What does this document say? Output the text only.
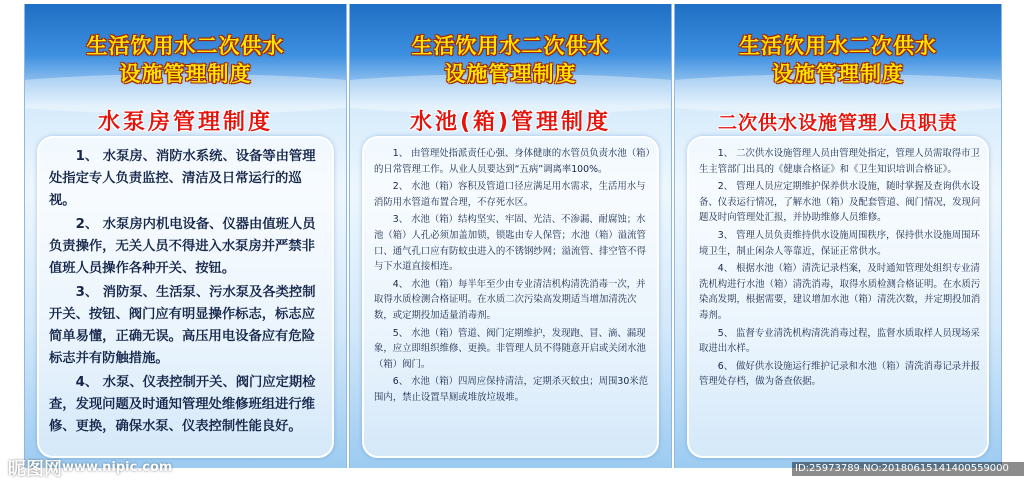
生活饮用水二次供水
设施管理制度
水泵房管理制度

1、 水泵房、消防水系统、设备等由管理处指定专人负责监控、清洁及日常运行的巡视。

2、 水泵房内机电设备、仪器由值班人员负责操作，无关人员不得进入水泵房并严禁非值班人员操作各种开关、按钮。

3、 消防泵、生活泵、污水泵及各类控制开关、按钮、阀门应有明显操作标志，标志应简单易懂，正确无误。高压用电设备应有危险标志并有防触措施。

4、 水泵、仪表控制开关、阀门应定期检查，发现问题及时通知管理处维修班组进行维修、更换，确保水泵、仪表控制性能良好。

生活饮用水二次供水
设施管理制度
水池(箱)管理制度

1、 由管理处指派责任心强、身体健康的水管员负责水池（箱）的日常管理工作。从业人员要达到“五病”调离率100%。

2、 水池（箱）容积及管道口径应满足用水需求，生活用水与消防用水管道布置合理，不存死水区。

3、 水池（箱）结构坚实、牢固、光洁、不渗漏、耐腐蚀；水池（箱）人孔必须加盖加锁，锁匙由专人保管；水池（箱）溢流管口、通气孔口应有防蚊虫进入的不锈钢纱网；溢流管、排空管不得与下水道直接相连。

4、 水池（箱）每半年至少由专业清洁机构清洗消毒一次，并取得水质检测合格证明。在水质二次污染高发期适当增加清洗次数，或定期投加适量消毒剂。

5、 水池（箱）管道、阀门定期维护，发现跑、冒、滴、漏现象，应立即组织维修、更换。非管理人员不得随意开启或关闭水池（箱）阀门。

6、 水池（箱）四周应保持清洁，定期杀灭蚊虫；周围30米范围内，禁止设置旱厕或堆放垃圾堆。

生活饮用水二次供水
设施管理制度
二次供水设施管理人员职责

1、 二次供水设施管理人员由管理处指定，管理人员需取得市卫生主管部门出具的《健康合格证》和《卫生知识培训合格证》。

2、 管理人员应定期维护保养供水设施，随时掌握及查询供水设备、仪表运行情况，了解水池（箱）及配套管道、阀门情况，发现问题及时向管理处汇报，并协助维修人员维修。

3、 管理人员负责维持供水设施周围秩序，保持供水设施周围环境卫生，制止闲杂人等靠近，保证正常供水。

4、 根据水池（箱）清洗记录档案，及时通知管理处组织专业清洗机构进行水池（箱）清洗消毒，取得水质检测合格证明。在水质污染高发期，根据需要，建议增加水池（箱）清洗次数，并定期投加消毒剂。

5、 监督专业清洗机构清洗消毒过程，监督水质取样人员现场采取进出水样。

6、 做好供水设施运行维护记录和水池（箱）清洗消毒记录并报管理处存档，做为备查依据。

昵图网 www.nipic.com	ID:25973789 NO:20180615141400559000
